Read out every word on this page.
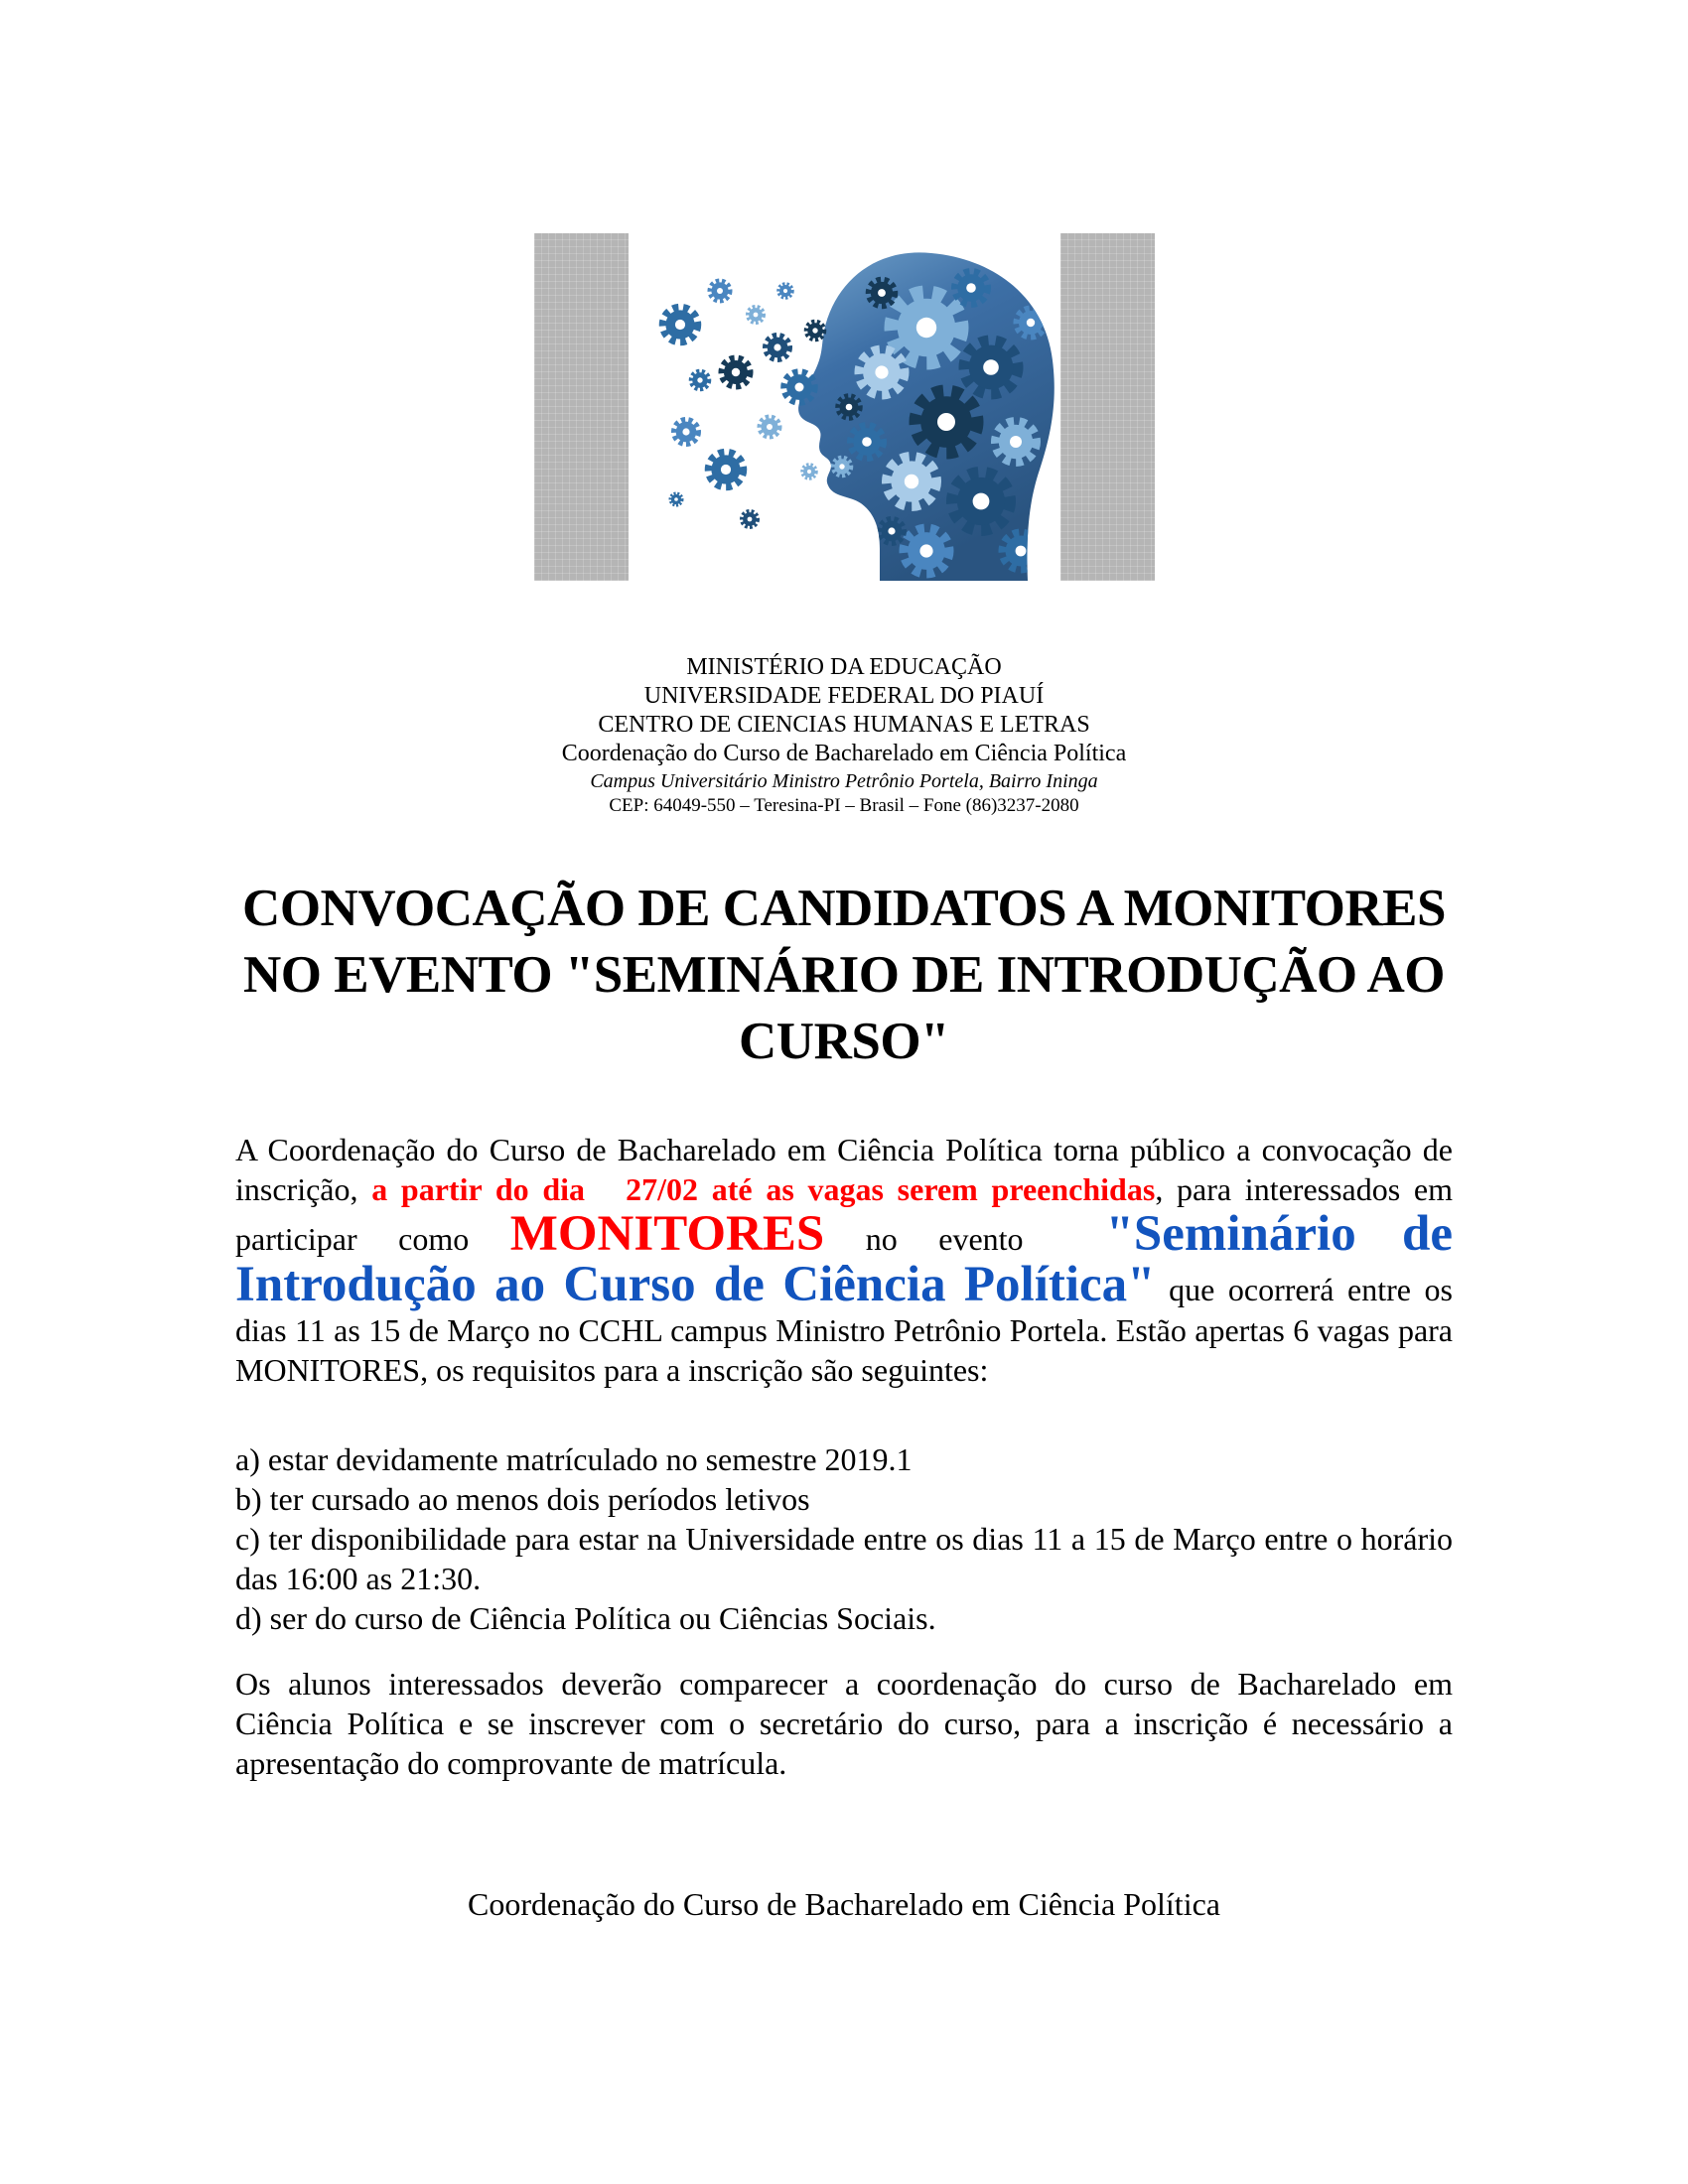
MINISTÉRIO DA EDUCAÇÃO
UNIVERSIDADE FEDERAL DO PIAUÍ
CENTRO DE CIENCIAS HUMANAS E LETRAS
Coordenação do Curso de Bacharelado em Ciência Política
Campus Universitário Ministro Petrônio Portela, Bairro Ininga
CEP: 64049-550 – Teresina-PI – Brasil – Fone (86)3237-2080
CONVOCAÇÃO DE CANDIDATOS A MONITORES
NO EVENTO "SEMINÁRIO DE INTRODUÇÃO AO
CURSO"

A Coordenação do Curso de Bacharelado em Ciência Política torna público a convocação de inscrição, a partir do dia   27/02 até as vagas serem preenchidas, para interessados em participar como MONITORES no evento  "Seminário de Introdução ao Curso de Ciência Política" que ocorrerá entre os dias 11 as 15 de Março no CCHL campus Ministro Petrônio Portela. Estão apertas 6 vagas para MONITORES, os requisitos para a inscrição são seguintes:

a) estar devidamente matrículado no semestre 2019.1
b) ter cursado ao menos dois períodos letivos
c) ter disponibilidade para estar na Universidade entre os dias 11 a 15 de Março entre o horário das 16:00 as 21:30.
d) ser do curso de Ciência Política ou Ciências Sociais.

Os alunos interessados deverão comparecer a coordenação do curso de Bacharelado em Ciência Política e se inscrever com o secretário do curso, para a inscrição é necessário a apresentação do comprovante de matrícula.

Coordenação do Curso de Bacharelado em Ciência Política
